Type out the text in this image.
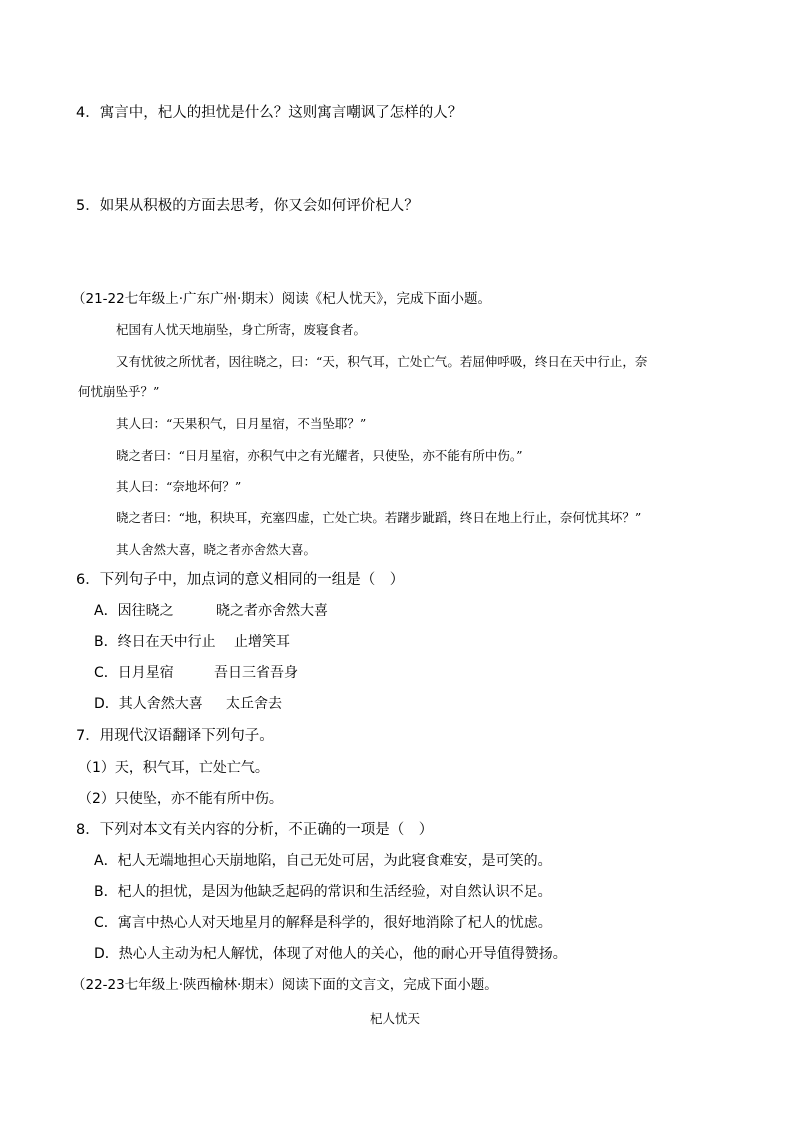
4．寓言中，杞人的担忧是什么？这则寓言嘲讽了怎样的人？
5．如果从积极的方面去思考，你又会如何评价杞人？
（21-22七年级上·广东广州·期末）阅读《杞人忧天》，完成下面小题。
杞国有人忧天地崩坠，身亡所寄，废寝食者。
又有忧彼之所忧者，因往晓之，曰：“天，积气耳，亡处亡气。若屈伸呼吸，终日在天中行止，奈
何忧崩坠乎？”
其人曰：“天果积气，日月星宿，不当坠耶？”
晓之者曰：“日月星宿，亦积气中之有光耀者，只使坠，亦不能有所中伤。”
其人曰：“奈地坏何？”
晓之者曰：“地，积块耳，充塞四虚，亡处亡块。若躇步跐蹈，终日在地上行止，奈何忧其坏？”
其人舍然大喜，晓之者亦舍然大喜。
6．下列句子中，加点词的意义相同的一组是（　）
A．因往晓之	晓之者亦舍然大喜
B．终日在天中行止 止增笑耳
C．日月星宿	吾日三省吾身
D．其人舍然大喜 太丘舍去
7．用现代汉语翻译下列句子。
（1）天，积气耳，亡处亡气。
（2）只使坠，亦不能有所中伤。
8．下列对本文有关内容的分析，不正确的一项是（　）
A．杞人无端地担心天崩地陷，自己无处可居，为此寝食难安，是可笑的。
B．杞人的担忧，是因为他缺乏起码的常识和生活经验，对自然认识不足。
C．寓言中热心人对天地星月的解释是科学的，很好地消除了杞人的忧虑。
D．热心人主动为杞人解忧，体现了对他人的关心，他的耐心开导值得赞扬。
（22-23七年级上·陕西榆林·期末）阅读下面的文言文，完成下面小题。
杞人忧天
